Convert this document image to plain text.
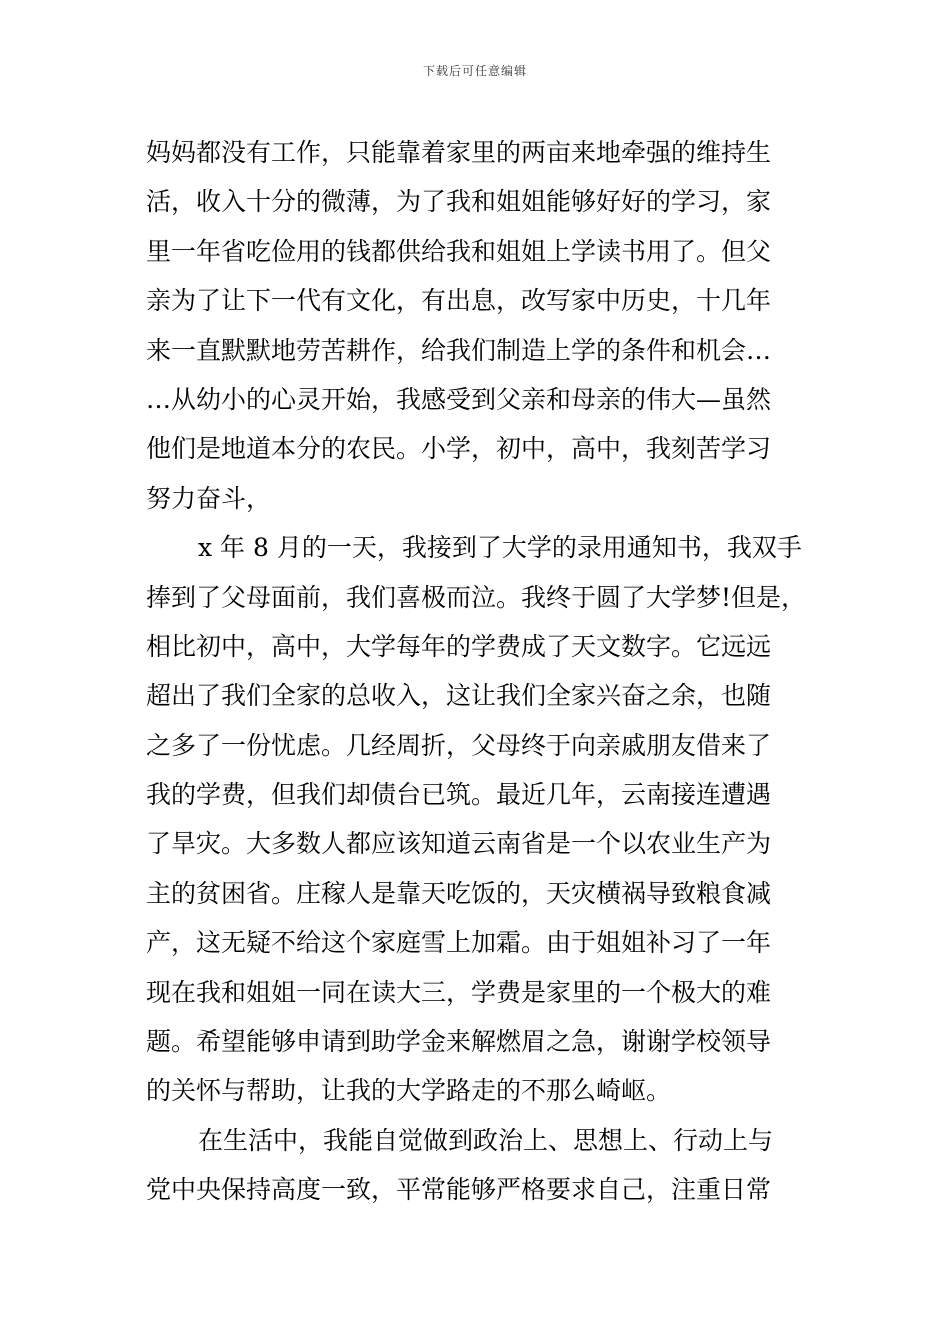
下载后可任意编辑
妈妈都没有工作，只能靠着家里的两亩来地牵强的维持生
活，收入十分的微薄，为了我和姐姐能够好好的学习，家
里一年省吃俭用的钱都供给我和姐姐上学读书用了。但父
亲为了让下一代有文化，有出息，改写家中历史，十几年
来一直默默地劳苦耕作，给我们制造上学的条件和机会…
…从幼小的心灵开始，我感受到父亲和母亲的伟大—虽然
他们是地道本分的农民。小学，初中，高中，我刻苦学习
努力奋斗，
x 年 8 月的一天，我接到了大学的录用通知书，我双手
捧到了父母面前，我们喜极而泣。我终于圆了大学梦!但是，
相比初中，高中，大学每年的学费成了天文数字。它远远
超出了我们全家的总收入，这让我们全家兴奋之余，也随
之多了一份忧虑。几经周折，父母终于向亲戚朋友借来了
我的学费，但我们却债台已筑。最近几年，云南接连遭遇
了旱灾。大多数人都应该知道云南省是一个以农业生产为
主的贫困省。庄稼人是靠天吃饭的，天灾横祸导致粮食减
产，这无疑不给这个家庭雪上加霜。由于姐姐补习了一年
现在我和姐姐一同在读大三，学费是家里的一个极大的难
题。希望能够申请到助学金来解燃眉之急，谢谢学校领导
的关怀与帮助，让我的大学路走的不那么崎岖。
在生活中，我能自觉做到政治上、思想上、行动上与
党中央保持高度一致，平常能够严格要求自己，注重日常
